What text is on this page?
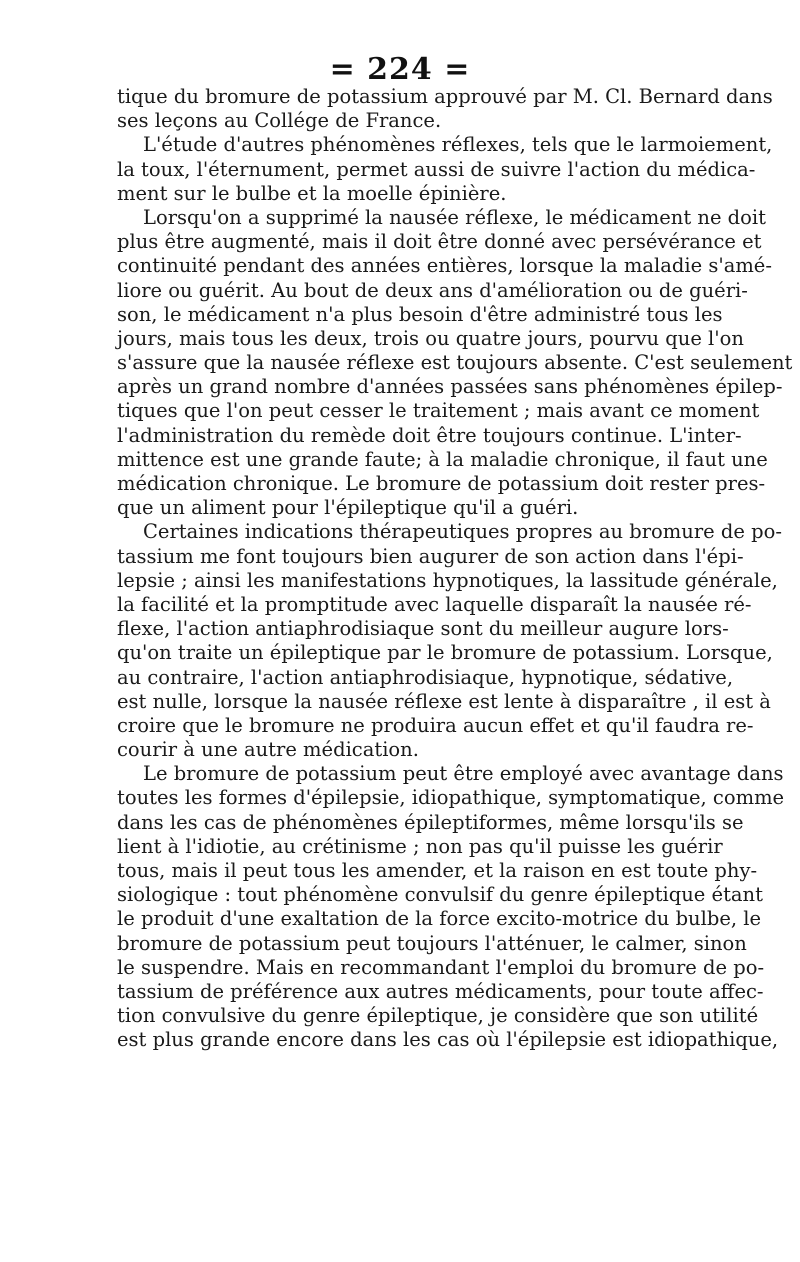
= 224 =
tique du bromure de potassium approuvé par M. Cl. Bernard dans
ses leçons au Collége de France.
L'étude d'autres phénomènes réflexes, tels que le larmoiement,
la toux, l'éternument, permet aussi de suivre l'action du médica-
ment sur le bulbe et la moelle épinière.
Lorsqu'on a supprimé la nausée réflexe, le médicament ne doit
plus être augmenté, mais il doit être donné avec persévérance et
continuité pendant des années entières, lorsque la maladie s'amé-
liore ou guérit. Au bout de deux ans d'amélioration ou de guéri-
son, le médicament n'a plus besoin d'être administré tous les
jours, mais tous les deux, trois ou quatre jours, pourvu que l'on
s'assure que la nausée réflexe est toujours absente. C'est seulement
après un grand nombre d'années passées sans phénomènes épilep-
tiques que l'on peut cesser le traitement ; mais avant ce moment
l'administration du remède doit être toujours continue. L'inter-
mittence est une grande faute; à la maladie chronique, il faut une
médication chronique. Le bromure de potassium doit rester pres-
que un aliment pour l'épileptique qu'il a guéri.
Certaines indications thérapeutiques propres au bromure de po-
tassium me font toujours bien augurer de son action dans l'épi-
lepsie ; ainsi les manifestations hypnotiques, la lassitude générale,
la facilité et la promptitude avec laquelle disparaît la nausée ré-
flexe, l'action antiaphrodisiaque sont du meilleur augure lors-
qu'on traite un épileptique par le bromure de potassium. Lorsque,
au contraire, l'action antiaphrodisiaque, hypnotique, sédative,
est nulle, lorsque la nausée réflexe est lente à disparaître , il est à
croire que le bromure ne produira aucun effet et qu'il faudra re-
courir à une autre médication.
Le bromure de potassium peut être employé avec avantage dans
toutes les formes d'épilepsie, idiopathique, symptomatique, comme
dans les cas de phénomènes épileptiformes, même lorsqu'ils se
lient à l'idiotie, au crétinisme ; non pas qu'il puisse les guérir
tous, mais il peut tous les amender, et la raison en est toute phy-
siologique : tout phénomène convulsif du genre épileptique étant
le produit d'une exaltation de la force excito-motrice du bulbe, le
bromure de potassium peut toujours l'atténuer, le calmer, sinon
le suspendre. Mais en recommandant l'emploi du bromure de po-
tassium de préférence aux autres médicaments, pour toute affec-
tion convulsive du genre épileptique, je considère que son utilité
est plus grande encore dans les cas où l'épilepsie est idiopathique,
